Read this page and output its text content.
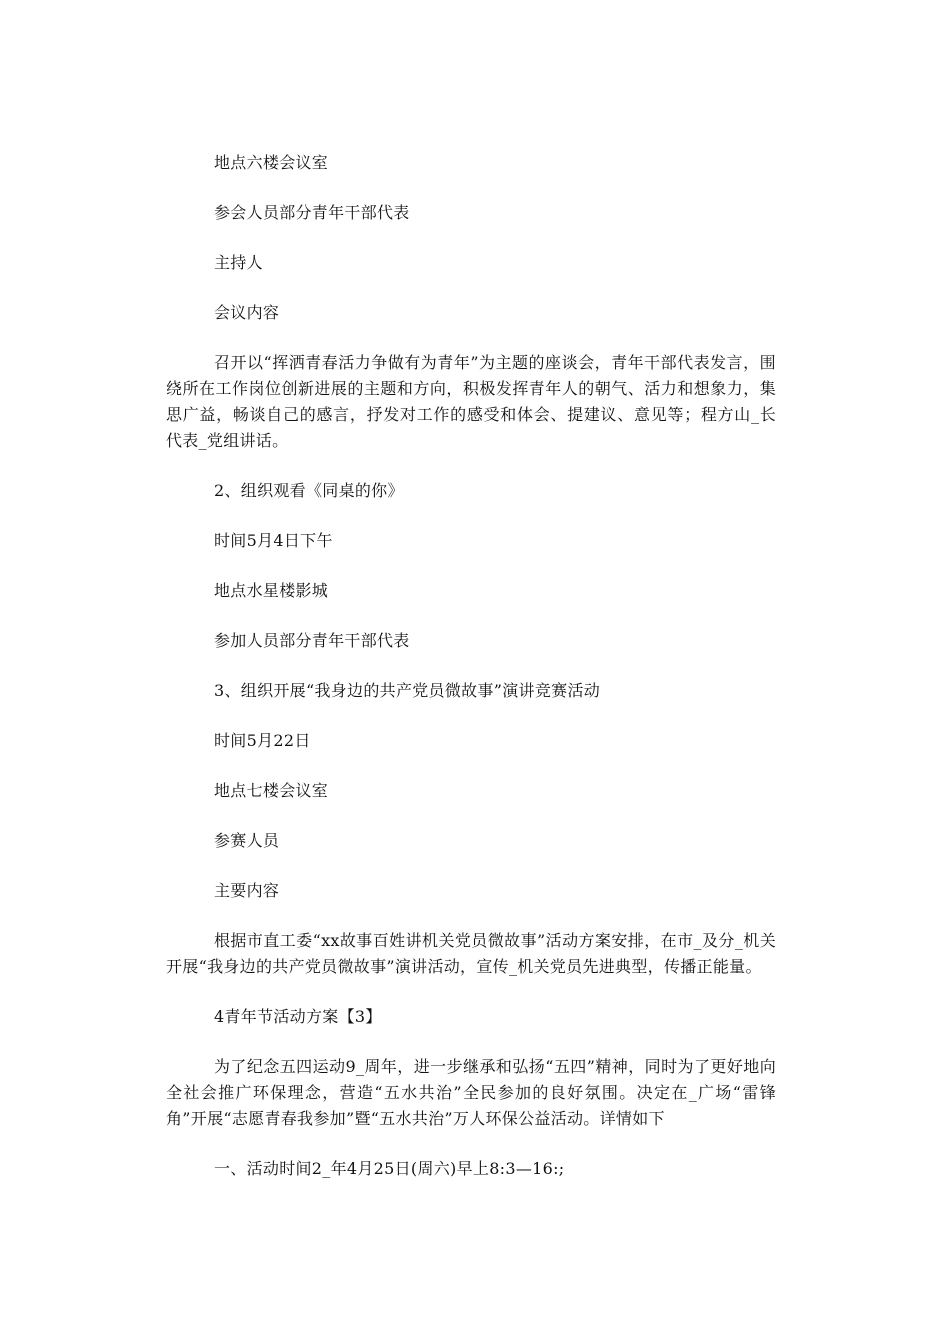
地点六楼会议室

参会人员部分青年干部代表

主持人

会议内容

召开以“挥洒青春活力争做有为青年”为主题的座谈会，青年干部代表发言，围绕所在工作岗位创新进展的主题和方向，积极发挥青年人的朝气、活力和想象力，集思广益，畅谈自己的感言，抒发对工作的感受和体会、提建议、意见等；程方山_长代表_党组讲话。

2、组织观看《同桌的你》

时间5月4日下午

地点水星楼影城

参加人员部分青年干部代表

3、组织开展“我身边的共产党员微故事”演讲竞赛活动

时间5月22日

地点七楼会议室

参赛人员

主要内容

根据市直工委“xx故事百姓讲机关党员微故事”活动方案安排，在市_及分_机关开展“我身边的共产党员微故事”演讲活动，宣传_机关党员先进典型，传播正能量。

4青年节活动方案【3】

为了纪念五四运动9_周年，进一步继承和弘扬“五四”精神，同时为了更好地向全社会推广环保理念，营造“五水共治”全民参加的良好氛围。决定在_广场“雷锋角”开展“志愿青春我参加”暨“五水共治”万人环保公益活动。详情如下

一、活动时间2_年4月25日(周六)早上8:3—16:;
